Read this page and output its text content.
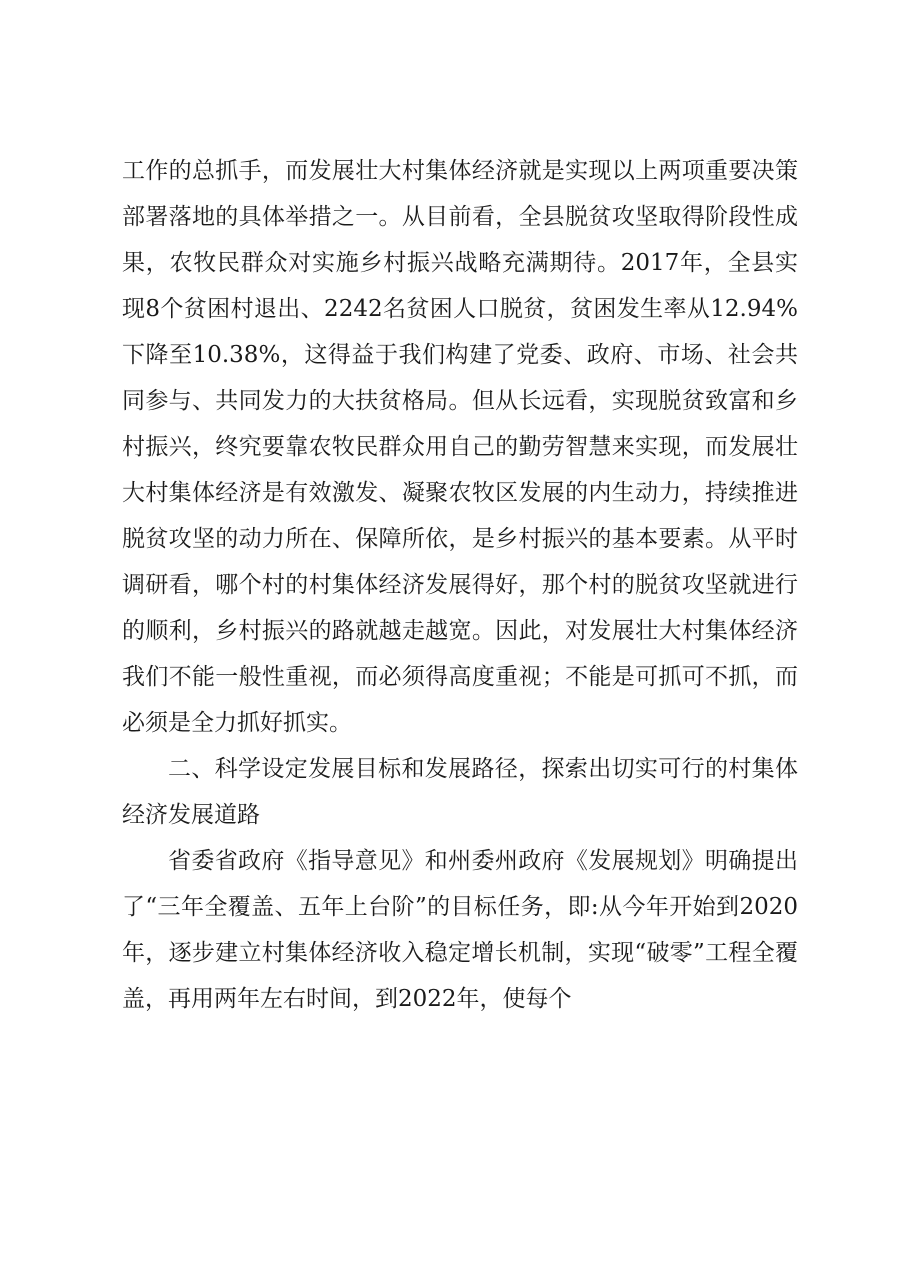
工作的总抓手，而发展壮大村集体经济就是实现以上两项重要决策部署落地的具体举措之一。从目前看，全县脱贫攻坚取得阶段性成果，农牧民群众对实施乡村振兴战略充满期待。2017年，全县实现8个贫困村退出、2242名贫困人口脱贫，贫困发生率从12.94%下降至10.38%，这得益于我们构建了党委、政府、市场、社会共同参与、共同发力的大扶贫格局。但从长远看，实现脱贫致富和乡村振兴，终究要靠农牧民群众用自己的勤劳智慧来实现，而发展壮大村集体经济是有效激发、凝聚农牧区发展的内生动力，持续推进脱贫攻坚的动力所在、保障所依，是乡村振兴的基本要素。从平时调研看，哪个村的村集体经济发展得好，那个村的脱贫攻坚就进行的顺利，乡村振兴的路就越走越宽。因此，对发展壮大村集体经济我们不能一般性重视，而必须得高度重视；不能是可抓可不抓，而必须是全力抓好抓实。

二、科学设定发展目标和发展路径，探索出切实可行的村集体经济发展道路

省委省政府《指导意见》和州委州政府《发展规划》明确提出了“三年全覆盖、五年上台阶”的目标任务，即:从今年开始到2020年，逐步建立村集体经济收入稳定增长机制，实现“破零”工程全覆盖，再用两年左右时间，到2022年，使每个
